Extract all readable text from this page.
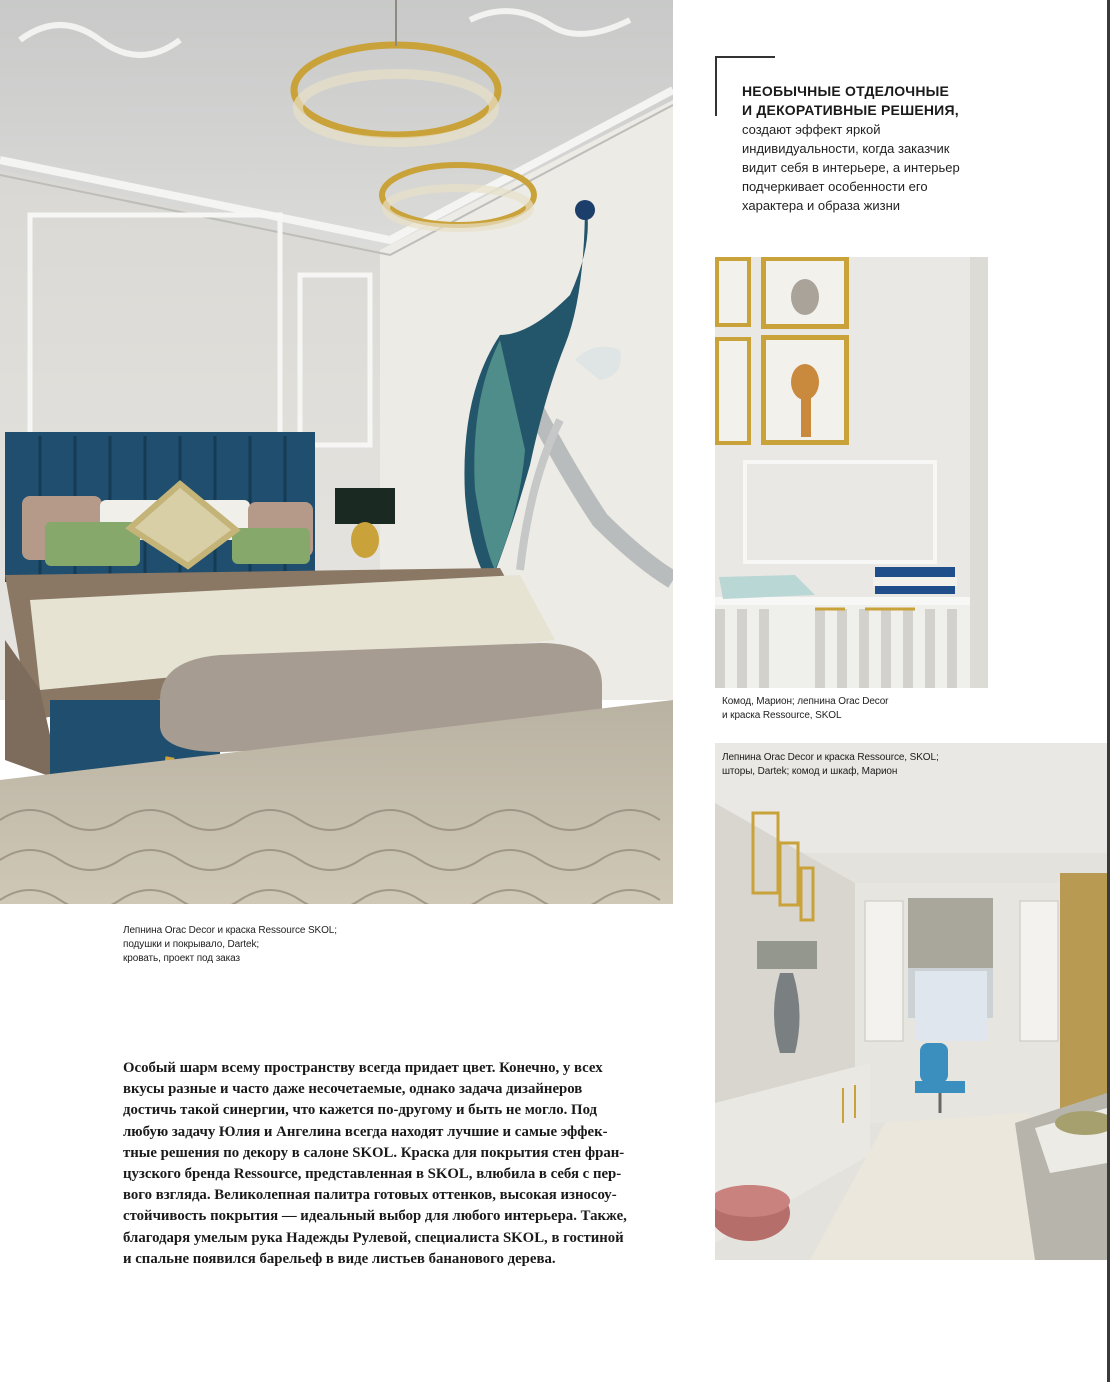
НЕОБЫЧНЫЕ ОТДЕЛОЧНЫЕ
И ДЕКОРАТИВНЫЕ РЕШЕНИЯ,
создают эффект яркой
индивидуальности, когда заказчик
видит себя в интерьере, а интерьер
подчеркивает особенности его
характера и образа жизни
Комод, Марион; лепнина Orac Decor
и краска Ressource, SKOL
Лепнина Orac Decor и краска Ressource, SKOL;
шторы, Dartek; комод и шкаф, Марион
Лепнина Orac Decor и краска Ressource SKOL;
подушки и покрывало, Dartek;
кровать, проект под заказ
Особый шарм всему пространству всегда придает цвет. Конечно, у всех
вкусы разные и часто даже несочетаемые, однако задача дизайнеров
достичь такой синергии, что кажется по-другому и быть не могло. Под
любую задачу Юлия и Ангелина всегда находят лучшие и самые эффек-
тные решения по декору в салоне SKOL. Краска для покрытия стен фран-
цузского бренда Ressource, представленная в SKOL, влюбила в себя с пер-
вого взгляда. Великолепная палитра готовых оттенков, высокая износоу-
стойчивость покрытия — идеальный выбор для любого интерьера. Также,
благодаря умелым рука Надежды Рулевой, специалиста SKOL, в гостиной
и спальне появился барельеф в виде листьев бананового дерева.
